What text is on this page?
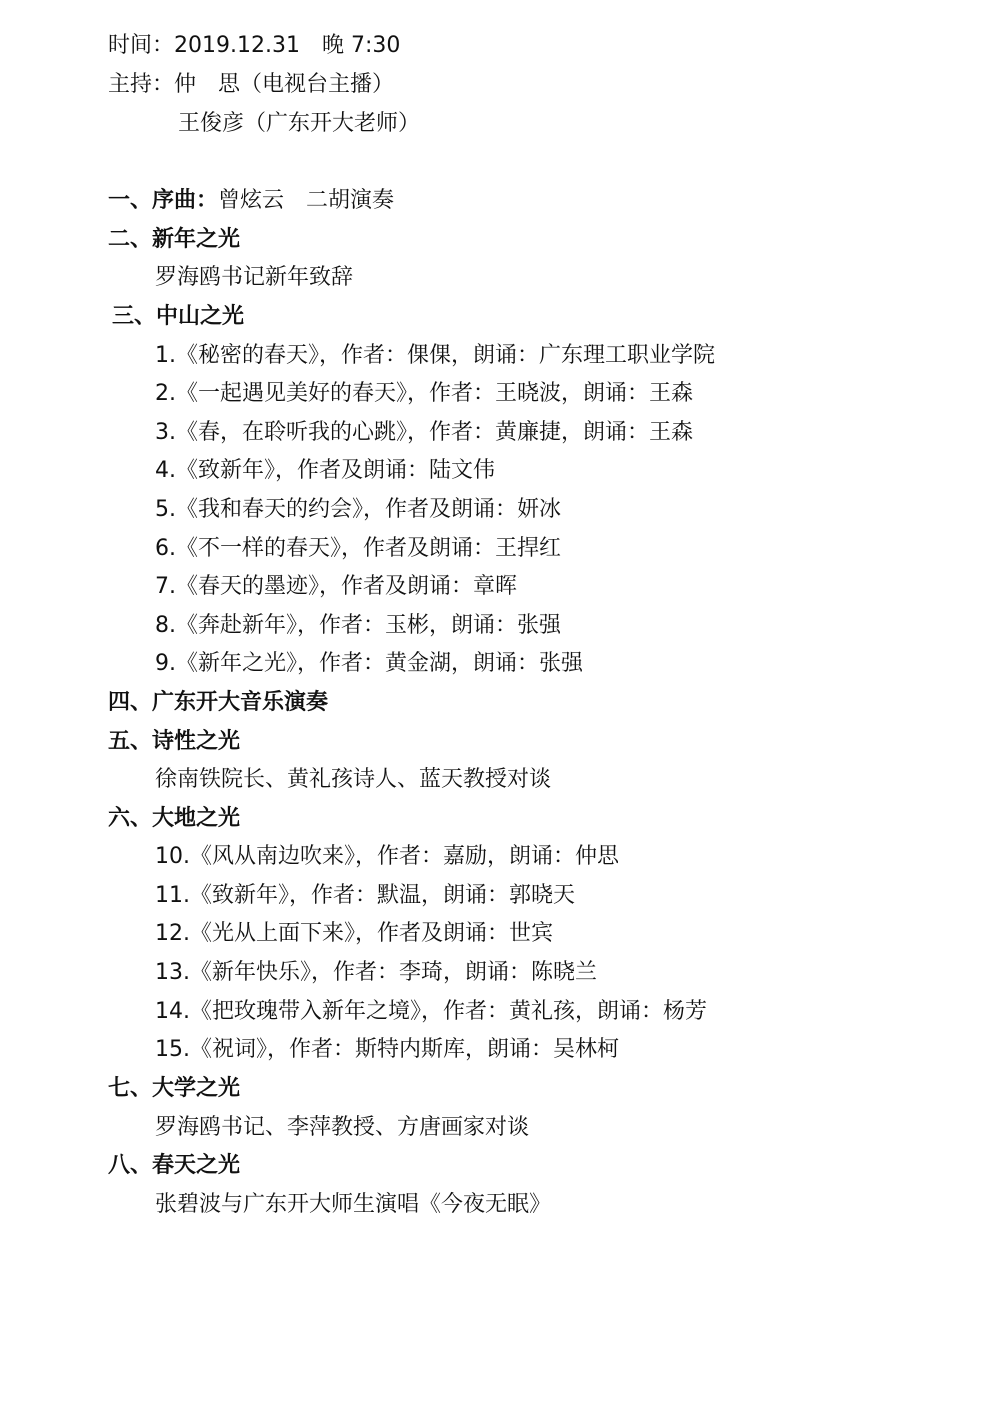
时间：2019.12.31　晚 7:30
主持：仲　思（电视台主播）
王俊彦（广东开大老师）
一、序曲：曾炫云　二胡演奏
二、新年之光
罗海鸥书记新年致辞
三、中山之光
1.《秘密的春天》，作者：倮倮，朗诵：广东理工职业学院
2.《一起遇见美好的春天》，作者：王晓波，朗诵：王森
3.《春，在聆听我的心跳》，作者：黄廉捷，朗诵：王森
4.《致新年》，作者及朗诵：陆文伟
5.《我和春天的约会》，作者及朗诵：妍冰
6.《不一样的春天》，作者及朗诵：王捍红
7.《春天的墨迹》，作者及朗诵：章晖
8.《奔赴新年》，作者：玉彬，朗诵：张强
9.《新年之光》，作者：黄金湖，朗诵：张强
四、广东开大音乐演奏
五、诗性之光
徐南铁院长、黄礼孩诗人、蓝天教授对谈
六、大地之光
10.《风从南边吹来》，作者：嘉励，朗诵：仲思
11.《致新年》，作者：默温，朗诵：郭晓天
12.《光从上面下来》，作者及朗诵：世宾
13.《新年快乐》，作者：李琦，朗诵：陈晓兰
14.《把玫瑰带入新年之境》，作者：黄礼孩，朗诵：杨芳
15.《祝词》，作者：斯特内斯库，朗诵：吴林柯
七、大学之光
罗海鸥书记、李萍教授、方唐画家对谈
八、春天之光
张碧波与广东开大师生演唱《今夜无眠》
